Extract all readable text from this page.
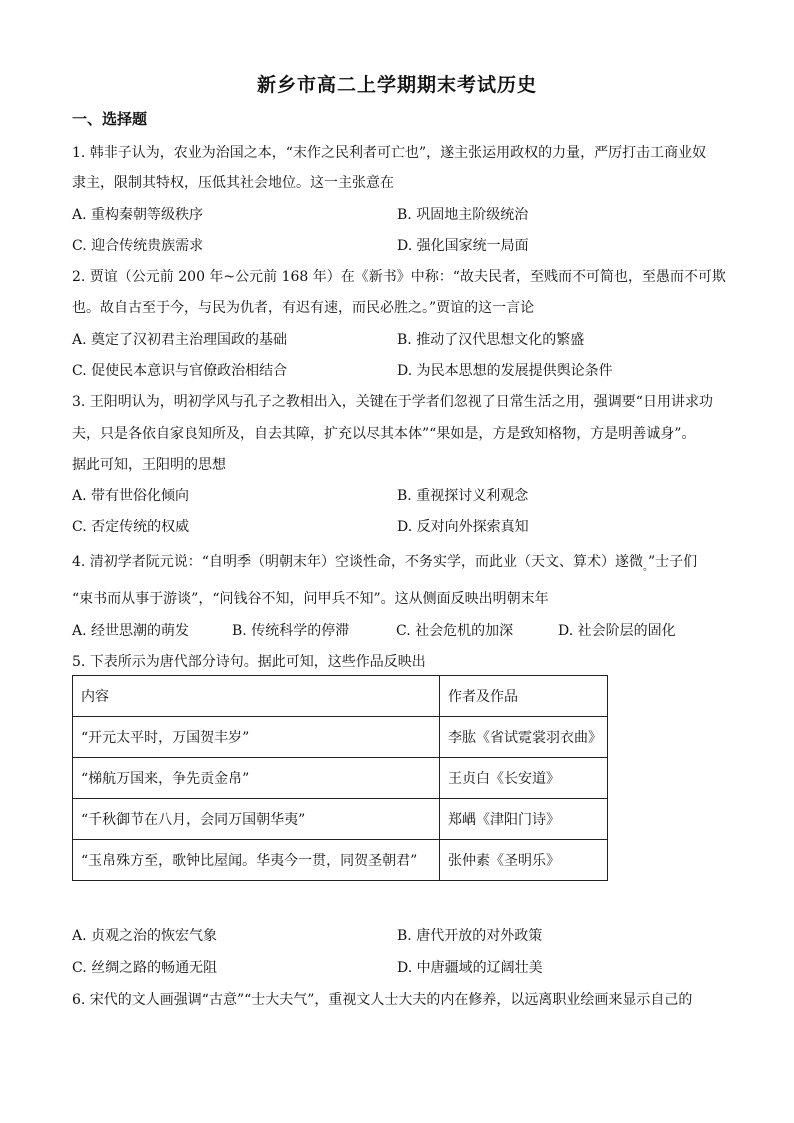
新乡市高二上学期期末考试历史
一、选择题
1. 韩非子认为，农业为治国之本，“末作之民利者可亡也”，遂主张运用政权的力量，严厉打击工商业奴
隶主，限制其特权，压低其社会地位。这一主张意在
A. 重构秦朝等级秩序	B. 巩固地主阶级统治
C. 迎合传统贵族需求	D. 强化国家统一局面
2. 贾谊（公元前 200 年~公元前 168 年）在《新书》中称：“故夫民者，至贱而不可简也，至愚而不可欺
也。故自古至于今，与民为仇者，有迟有速，而民必胜之。”贾谊的这一言论
A. 奠定了汉初君主治理国政的基础	B. 推动了汉代思想文化的繁盛
C. 促使民本意识与官僚政治相结合	D. 为民本思想的发展提供舆论条件
3. 王阳明认为，明初学风与孔子之教相出入，关键在于学者们忽视了日常生活之用，强调要“日用讲求功
夫，只是各依自家良知所及，自去其障，扩充以尽其本体”“果如是，方是致知格物，方是明善诚身”。
据此可知，王阳明的思想
A. 带有世俗化倾向	B. 重视探讨义利观念
C. 否定传统的权威	D. 反对向外探索真知
4. 清初学者阮元说：“自明季（明朝末年）空谈性命，不务实学，而此业（天文、算术）遂微$_。$”士子们
“束书而从事于游谈”，“问钱谷不知，问甲兵不知”。这从侧面反映出明朝末年
A. 经世思潮的萌发	B. 传统科学的停滞	C. 社会危机的加深	D. 社会阶层的固化
5. 下表所示为唐代部分诗句。据此可知，这些作品反映出
内容	作者及作品
“开元太平时，万国贺丰岁”	李肱《省试霓裳羽衣曲》
“梯航万国来，争先贡金帛”	王贞白《长安道》
“千秋御节在八月，会同万国朝华夷”	郑嵎《津阳门诗》
“玉帛殊方至，歌钟比屋闻。华夷今一贯，同贺圣朝君”	张仲素《圣明乐》
A. 贞观之治的恢宏气象	B. 唐代开放的对外政策
C. 丝绸之路的畅通无阻	D. 中唐疆域的辽阔壮美
6. 宋代的文人画强调“古意”“士大夫气”，重视文人士大夫的内在修养，以远离职业绘画来显示自己的
